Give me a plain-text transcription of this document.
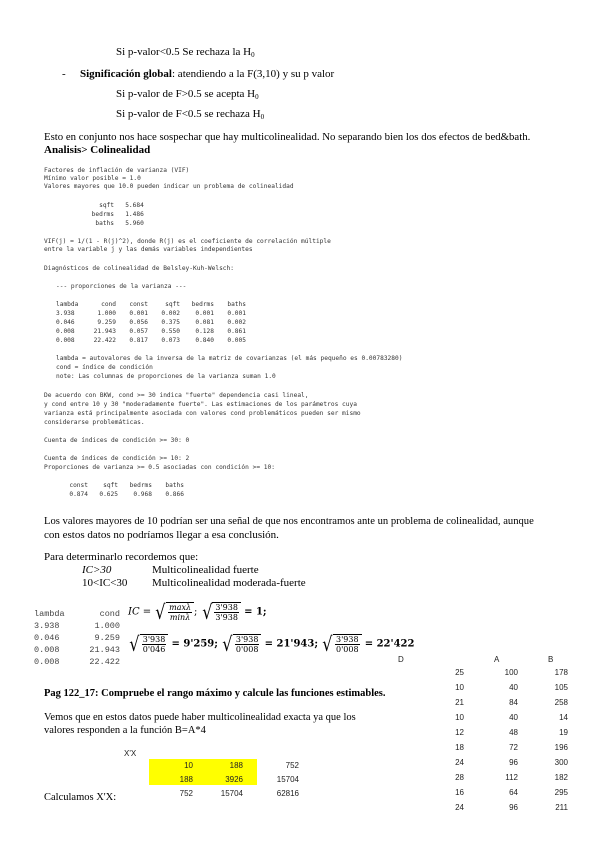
Si p-valor<0.5 Se rechaza la $H_0$
- Significación global: atendiendo a la F(3,10) y su p valor
Si p-valor de F>0.5 se acepta $H_0$
Si p-valor de F<0.5 se rechaza $H_0$
Esto en conjunto nos hace sospechar que hay multicolinealidad. No separando bien los dos efectos de bed&bath.
Analisis> Colinealidad
Factores de inflación de varianza (VIF)
Mínimo valor posible = 1.0
Valores mayores que 10.0 pueden indicar un problema de colinealidad
sqft 5.684
bedrms 1.486
baths 5.960
VIF(j) = 1/(1 - R(j)^2), donde R(j) es el coeficiente de correlación múltiple
entre la variable j y las demás variables independientes
Diagnósticos de colinealidad de Belsley-Kuh-Welsch:
--- proporciones de la varianza ---
lambda	cond const	sqft bedrms baths
3.938	1.000 0.001 0.002 0.001 0.001
0.046	9.259 0.056 0.375 0.081 0.002
0.008	21.943 0.057 0.550 0.128 0.861
0.008	22.422 0.817 0.073 0.840 0.005
lambda = autovalores de la inversa de la matriz de covarianzas (el más pequeño es 0.00783280)
cond = índice de condición
note: Las columnas de proporciones de la varianza suman 1.0
De acuerdo con BKW, cond >= 30 indica "fuerte" dependencia casi lineal,
y cond entre 10 y 30 "moderadamente fuerte". Las estimaciones de los parámetros cuya
varianza está principalmente asociada con valores cond problemáticos pueden ser mismo
considerarse problemáticas.
Cuenta de índices de condición >= 30: 0
Cuenta de índices de condición >= 10: 2
Proporciones de varianza >= 0.5 asociadas con condición >= 10:
const sqft bedrms baths
0.874 0.625 0.968 0.866
Los valores mayores de 10 podrían ser una señal de que nos encontramos ante un problema de colinealidad, aunque
con estos datos no podríamos llegar a esa conclusión.
Para determinarlo recordemos que:
IC>30	Multicolinealidad fuerte
10<IC<30 Multicolinealidad moderada-fuerte
lambda	cond
3.938	1.000
0.046	9.259
0.008	21.943
0.008	22.422
IC = √ $\frac{\max\lambda}{\min\lambda}$ ; √ $\frac{3'938}{3'938} = 1$;
√ $\frac{3'938}{0'046} = 9'259$; √ $\frac{3'938}{0'008} = 21'943$; √ $\frac{3'938}{0'008} = 22'422$
D	A	B
25	100	178
10	40	105
21	84	258
10	40	14
12	48	19
18	72	196
24	96	300
28	112	182
16	64	295
24	96	211
Pag 122_17: Compruebe el rango máximo y calcule las funciones estimables.
Vemos que en estos datos puede haber multicolinealidad exacta ya que los
valores responden a la función B=A*4
X'X
10	188	752
188	3926	15704
Calculamos X'X:	752	15704	62816
